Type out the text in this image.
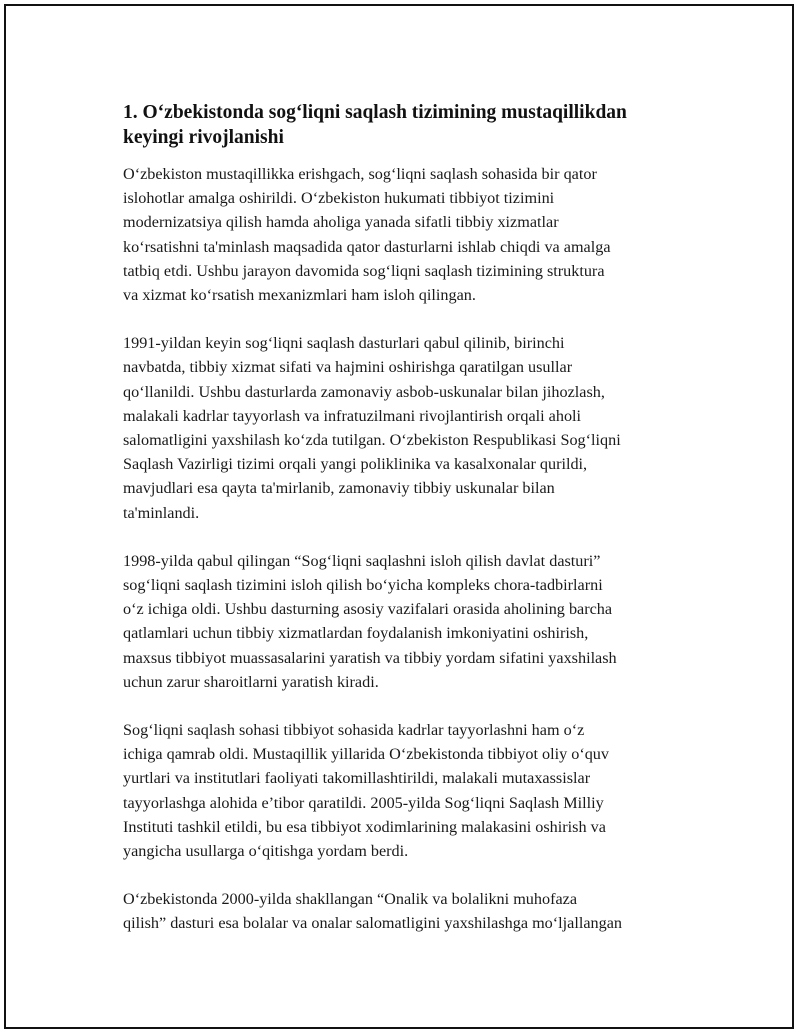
1. O‘zbekistonda sog‘liqni saqlash tizimining mustaqillikdan
keyingi rivojlanishi

O‘zbekiston mustaqillikka erishgach, sog‘liqni saqlash sohasida bir qator
islohotlar amalga oshirildi. O‘zbekiston hukumati tibbiyot tizimini
modernizatsiya qilish hamda aholiga yanada sifatli tibbiy xizmatlar
ko‘rsatishni ta'minlash maqsadida qator dasturlarni ishlab chiqdi va amalga
tatbiq etdi. Ushbu jarayon davomida sog‘liqni saqlash tizimining struktura
va xizmat ko‘rsatish mexanizmlari ham isloh qilingan.

1991-yildan keyin sog‘liqni saqlash dasturlari qabul qilinib, birinchi
navbatda, tibbiy xizmat sifati va hajmini oshirishga qaratilgan usullar
qo‘llanildi. Ushbu dasturlarda zamonaviy asbob-uskunalar bilan jihozlash,
malakali kadrlar tayyorlash va infratuzilmani rivojlantirish orqali aholi
salomatligini yaxshilash ko‘zda tutilgan. O‘zbekiston Respublikasi Sog‘liqni
Saqlash Vazirligi tizimi orqali yangi poliklinika va kasalxonalar qurildi,
mavjudlari esa qayta ta'mirlanib, zamonaviy tibbiy uskunalar bilan
ta'minlandi.

1998-yilda qabul qilingan “Sog‘liqni saqlashni isloh qilish davlat dasturi”
sog‘liqni saqlash tizimini isloh qilish bo‘yicha kompleks chora-tadbirlarni
o‘z ichiga oldi. Ushbu dasturning asosiy vazifalari orasida aholining barcha
qatlamlari uchun tibbiy xizmatlardan foydalanish imkoniyatini oshirish,
maxsus tibbiyot muassasalarini yaratish va tibbiy yordam sifatini yaxshilash
uchun zarur sharoitlarni yaratish kiradi.

Sog‘liqni saqlash sohasi tibbiyot sohasida kadrlar tayyorlashni ham o‘z
ichiga qamrab oldi. Mustaqillik yillarida O‘zbekistonda tibbiyot oliy o‘quv
yurtlari va institutlari faoliyati takomillashtirildi, malakali mutaxassislar
tayyorlashga alohida e’tibor qaratildi. 2005-yilda Sog‘liqni Saqlash Milliy
Instituti tashkil etildi, bu esa tibbiyot xodimlarining malakasini oshirish va
yangicha usullarga o‘qitishga yordam berdi.

O‘zbekistonda 2000-yilda shakllangan “Onalik va bolalikni muhofaza
qilish” dasturi esa bolalar va onalar salomatligini yaxshilashga mo‘ljallangan
